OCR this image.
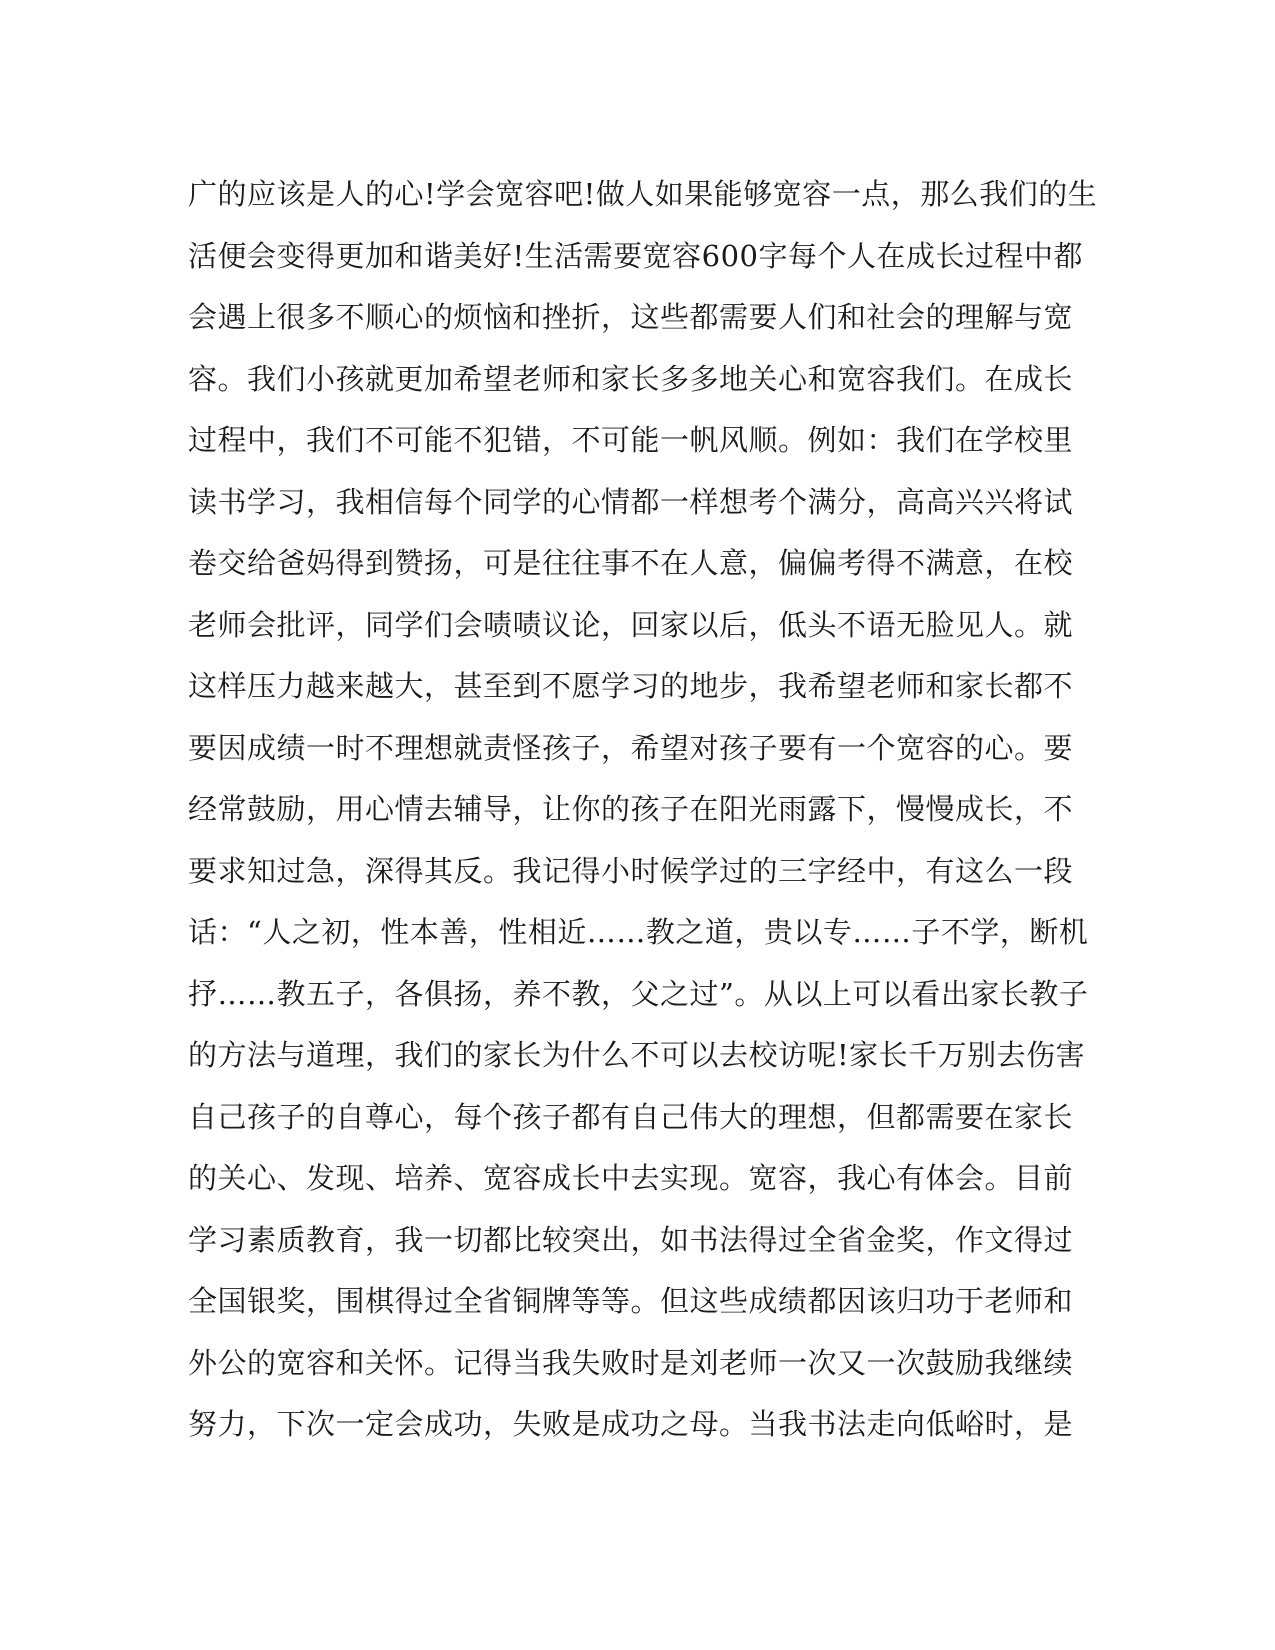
广的应该是人的心!学会宽容吧!做人如果能够宽容一点，那么我们的生
活便会变得更加和谐美好!生活需要宽容600字每个人在成长过程中都
会遇上很多不顺心的烦恼和挫折，这些都需要人们和社会的理解与宽
容。我们小孩就更加希望老师和家长多多地关心和宽容我们。在成长
过程中，我们不可能不犯错，不可能一帆风顺。例如：我们在学校里
读书学习，我相信每个同学的心情都一样想考个满分，高高兴兴将试
卷交给爸妈得到赞扬，可是往往事不在人意，偏偏考得不满意，在校
老师会批评，同学们会啧啧议论，回家以后，低头不语无脸见人。就
这样压力越来越大，甚至到不愿学习的地步，我希望老师和家长都不
要因成绩一时不理想就责怪孩子，希望对孩子要有一个宽容的心。要
经常鼓励，用心情去辅导，让你的孩子在阳光雨露下，慢慢成长，不
要求知过急，深得其反。我记得小时候学过的三字经中，有这么一段
话：“人之初，性本善，性相近……教之道，贵以专……子不学，断机
抒……教五子，各俱扬，养不教，父之过”。从以上可以看出家长教子
的方法与道理，我们的家长为什么不可以去校访呢!家长千万别去伤害
自己孩子的自尊心，每个孩子都有自己伟大的理想，但都需要在家长
的关心、发现、培养、宽容成长中去实现。宽容，我心有体会。目前
学习素质教育，我一切都比较突出，如书法得过全省金奖，作文得过
全国银奖，围棋得过全省铜牌等等。但这些成绩都因该归功于老师和
外公的宽容和关怀。记得当我失败时是刘老师一次又一次鼓励我继续
努力，下次一定会成功，失败是成功之母。当我书法走向低峪时，是
